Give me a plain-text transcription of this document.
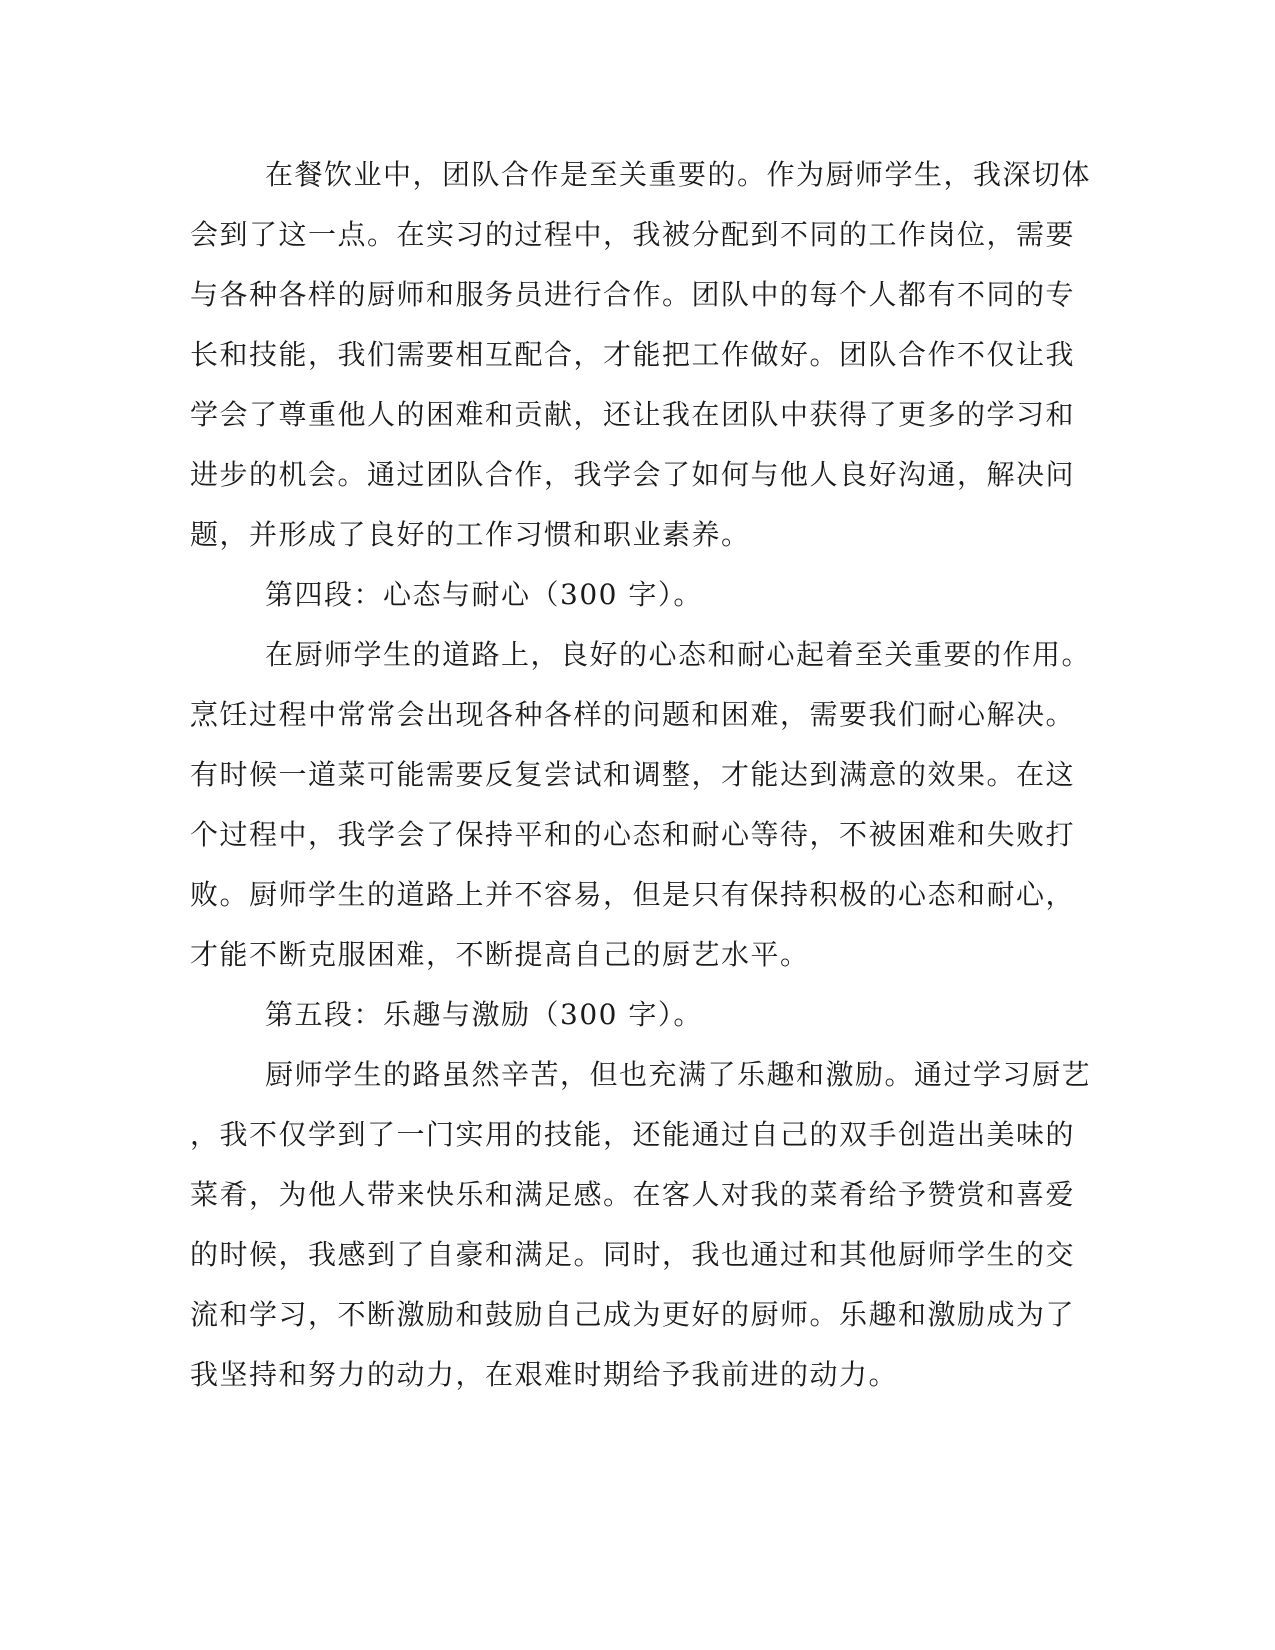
在餐饮业中，团队合作是至关重要的。作为厨师学生，我深切体
会到了这一点。在实习的过程中，我被分配到不同的工作岗位，需要
与各种各样的厨师和服务员进行合作。团队中的每个人都有不同的专
长和技能，我们需要相互配合，才能把工作做好。团队合作不仅让我
学会了尊重他人的困难和贡献，还让我在团队中获得了更多的学习和
进步的机会。通过团队合作，我学会了如何与他人良好沟通，解决问
题，并形成了良好的工作习惯和职业素养。
第四段：心态与耐心（300 字）。
在厨师学生的道路上，良好的心态和耐心起着至关重要的作用。
烹饪过程中常常会出现各种各样的问题和困难，需要我们耐心解决。
有时候一道菜可能需要反复尝试和调整，才能达到满意的效果。在这
个过程中，我学会了保持平和的心态和耐心等待，不被困难和失败打
败。厨师学生的道路上并不容易，但是只有保持积极的心态和耐心，
才能不断克服困难，不断提高自己的厨艺水平。
第五段：乐趣与激励（300 字）。
厨师学生的路虽然辛苦，但也充满了乐趣和激励。通过学习厨艺
，我不仅学到了一门实用的技能，还能通过自己的双手创造出美味的
菜肴，为他人带来快乐和满足感。在客人对我的菜肴给予赞赏和喜爱
的时候，我感到了自豪和满足。同时，我也通过和其他厨师学生的交
流和学习，不断激励和鼓励自己成为更好的厨师。乐趣和激励成为了
我坚持和努力的动力，在艰难时期给予我前进的动力。
